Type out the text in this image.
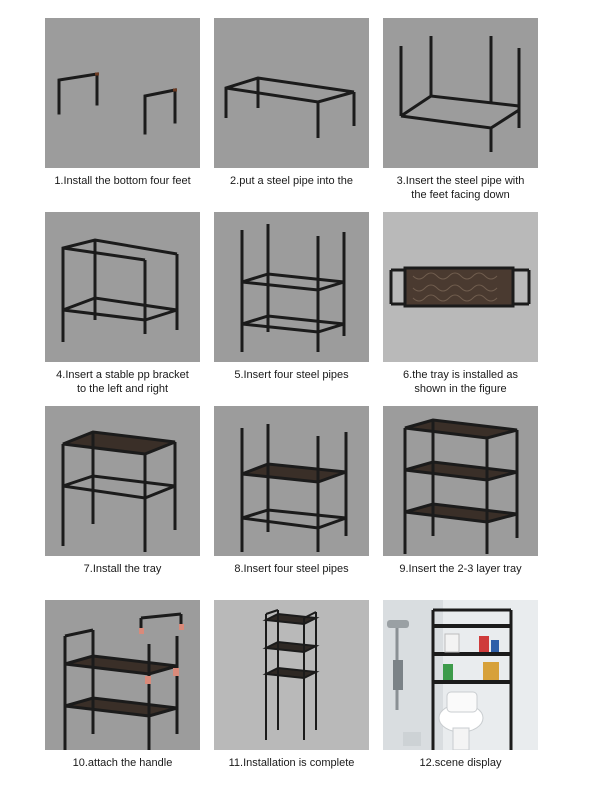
1.Install the bottom four feet	2.put a steel pipe into the	3.Insert the steel pipe with
the feet facing down
4.Insert a stable pp bracket
to the left and right
5.Insert four steel pipes	6.the tray is installed as
shown in the figure
7.Install the tray	8.Insert four steel pipes	9.Insert the 2-3 layer tray
10.attach the handle	11.Installation is complete	12.scene display
